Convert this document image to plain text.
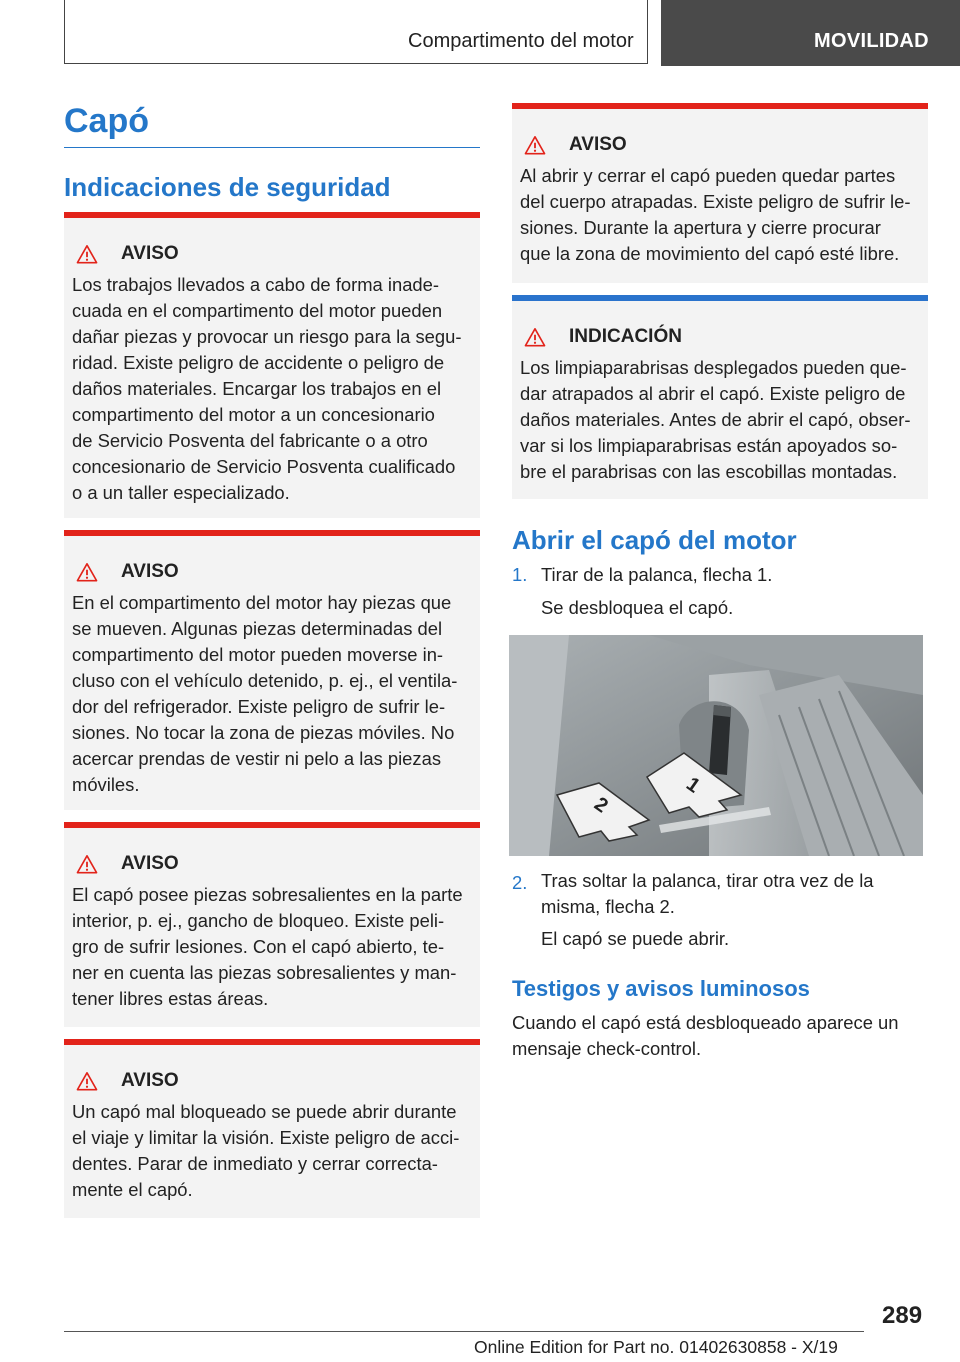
Compartimento del motor	MOVILIDAD
Capó
Indicaciones de seguridad
AVISO
Los trabajos llevados a cabo de forma inade-
cuada en el compartimento del motor pueden
dañar piezas y provocar un riesgo para la segu-
ridad. Existe peligro de accidente o peligro de
daños materiales. Encargar los trabajos en el
compartimento del motor a un concesionario
de Servicio Posventa del fabricante o a otro
concesionario de Servicio Posventa cualificado
o a un taller especializado.
AVISO
En el compartimento del motor hay piezas que
se mueven. Algunas piezas determinadas del
compartimento del motor pueden moverse in-
cluso con el vehículo detenido, p. ej., el ventila-
dor del refrigerador. Existe peligro de sufrir le-
siones. No tocar la zona de piezas móviles. No
acercar prendas de vestir ni pelo a las piezas
móviles.
AVISO
El capó posee piezas sobresalientes en la parte
interior, p. ej., gancho de bloqueo. Existe peli-
gro de sufrir lesiones. Con el capó abierto, te-
ner en cuenta las piezas sobresalientes y man-
tener libres estas áreas.
AVISO
Un capó mal bloqueado se puede abrir durante
el viaje y limitar la visión. Existe peligro de acci-
dentes. Parar de inmediato y cerrar correcta-
mente el capó.
AVISO
Al abrir y cerrar el capó pueden quedar partes
del cuerpo atrapadas. Existe peligro de sufrir le-
siones. Durante la apertura y cierre procurar
que la zona de movimiento del capó esté libre.
INDICACIÓN
Los limpiaparabrisas desplegados pueden que-
dar atrapados al abrir el capó. Existe peligro de
daños materiales. Antes de abrir el capó, obser-
var si los limpiaparabrisas están apoyados so-
bre el parabrisas con las escobillas montadas.
Abrir el capó del motor
1. Tirar de la palanca, flecha 1.
Se desbloquea el capó.
1
2
2. Tras soltar la palanca, tirar otra vez de la
misma, flecha 2.
El capó se puede abrir.
Testigos y avisos luminosos
Cuando el capó está desbloqueado aparece un
mensaje check-control.
289
Online Edition for Part no. 01402630858 - X/19
